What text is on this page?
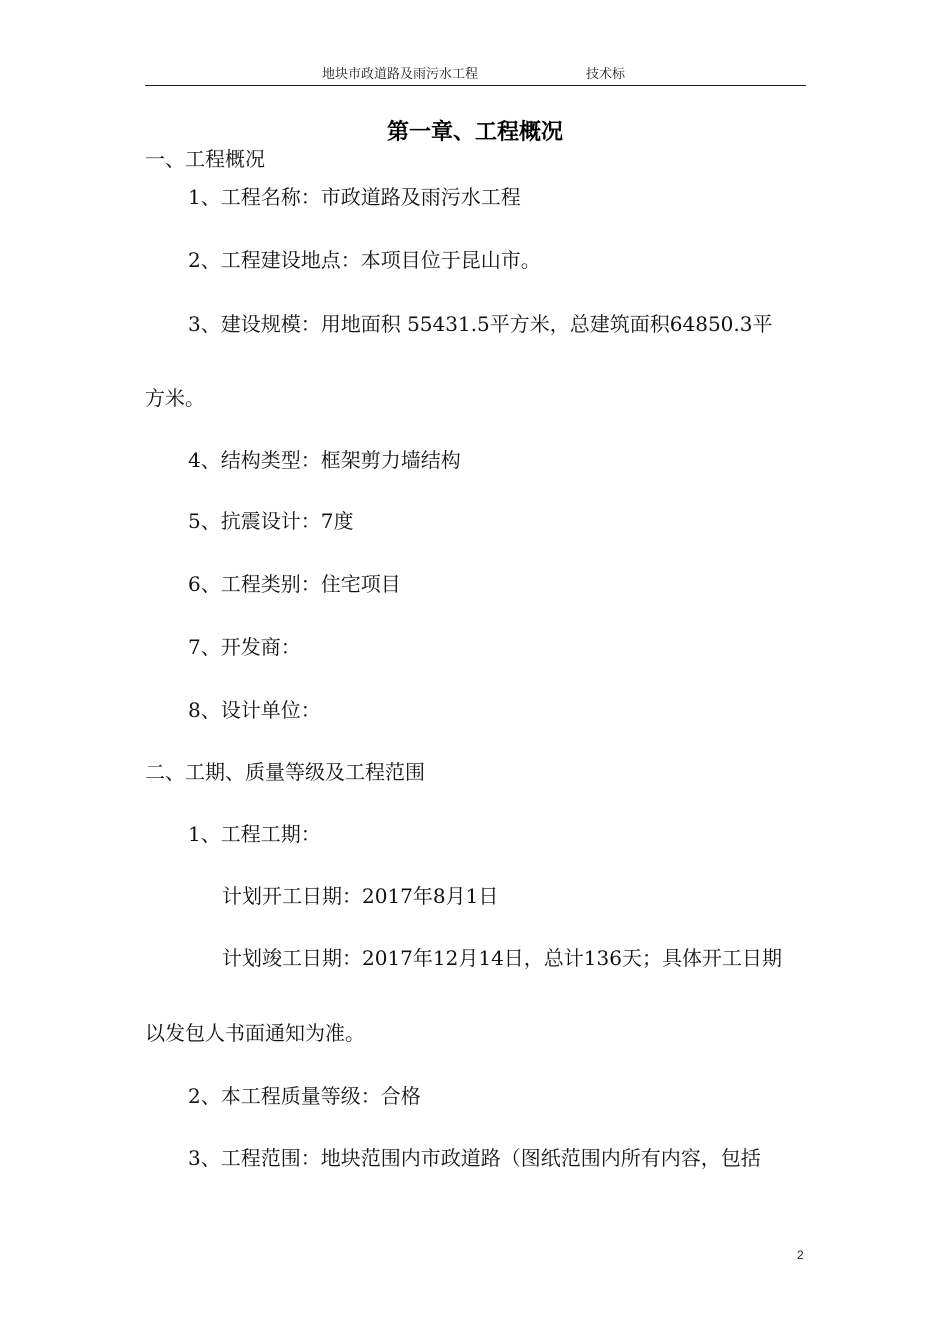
地块市政道路及雨污水工程	技术标
第一章、工程概况
一、工程概况
1、工程名称：市政道路及雨污水工程
2、工程建设地点：本项目位于昆山市。
3、建设规模：用地面积 55431.5平方米，总建筑面积64850.3平
方米。
4、结构类型：框架剪力墙结构
5、抗震设计：7度
6、工程类别：住宅项目
7、开发商：
8、设计单位：
二、工期、质量等级及工程范围
1、工程工期：
计划开工日期：2017年8月1日
计划竣工日期：2017年12月14日，总计136天；具体开工日期
以发包人书面通知为准。
2、本工程质量等级：合格
3、工程范围：地块范围内市政道路（图纸范围内所有内容，包括
2
